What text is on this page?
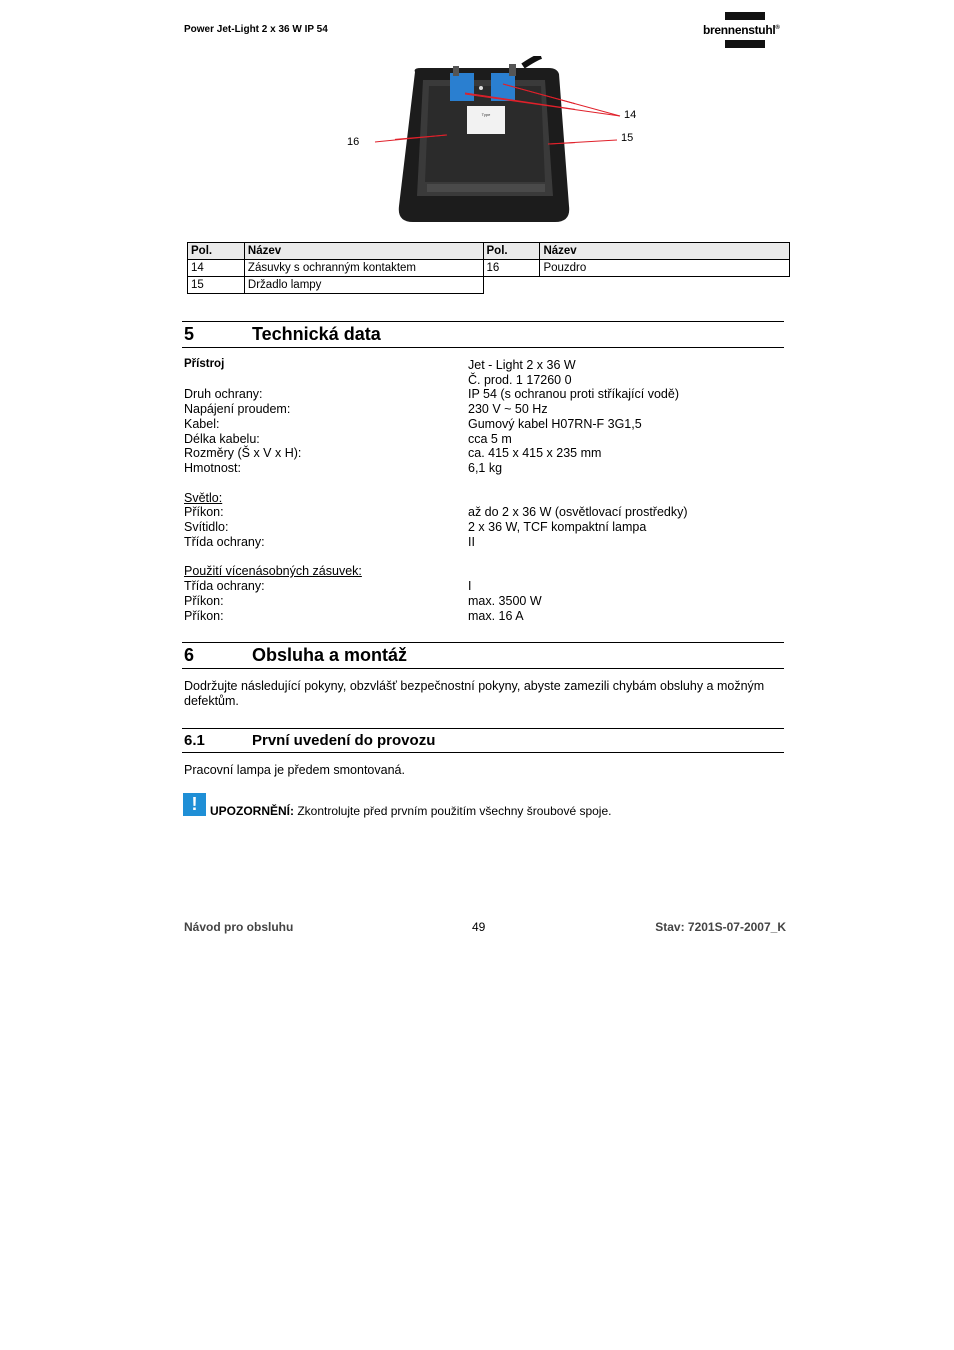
Power Jet-Light 2 x 36 W IP 54	brennenstuhl®
Type	14
15
16
Pol.	Název	Pol.	Název
14	Zásuvky s ochranným kontaktem	16	Pouzdro
15	Držadlo lampy		
5	Technická data
Přístroj	Jet - Light 2 x 36 W
Č. prod. 1 17260 0
Druh ochrany:	IP 54 (s ochranou proti stříkající vodě)
Napájení proudem:	230 V ~ 50 Hz
Kabel:	Gumový kabel H07RN-F 3G1,5
Délka kabelu:	cca 5 m
Rozměry (Š x V x H):	ca. 415 x 415 x 235 mm
Hmotnost:	6,1 kg
Světlo:
Příkon:	až do 2 x 36 W (osvětlovací prostředky)
Svítidlo:	2 x 36 W, TCF kompaktní lampa
Třída ochrany:	II
Použití vícenásobných zásuvek:
Třída ochrany:	I
Příkon:	max. 3500 W
Příkon:	max. 16 A
6	Obsluha a montáž
Dodržujte následující pokyny, obzvlášť bezpečnostní pokyny, abyste zamezili chybám obsluhy a možným defektům.
6.1	První uvedení do provozu
Pracovní lampa je předem smontovaná.
!	UPOZORNĚNÍ: Zkontrolujte před prvním použitím všechny šroubové spoje.
Návod pro obsluhu	49	Stav: 7201S-07-2007_K
